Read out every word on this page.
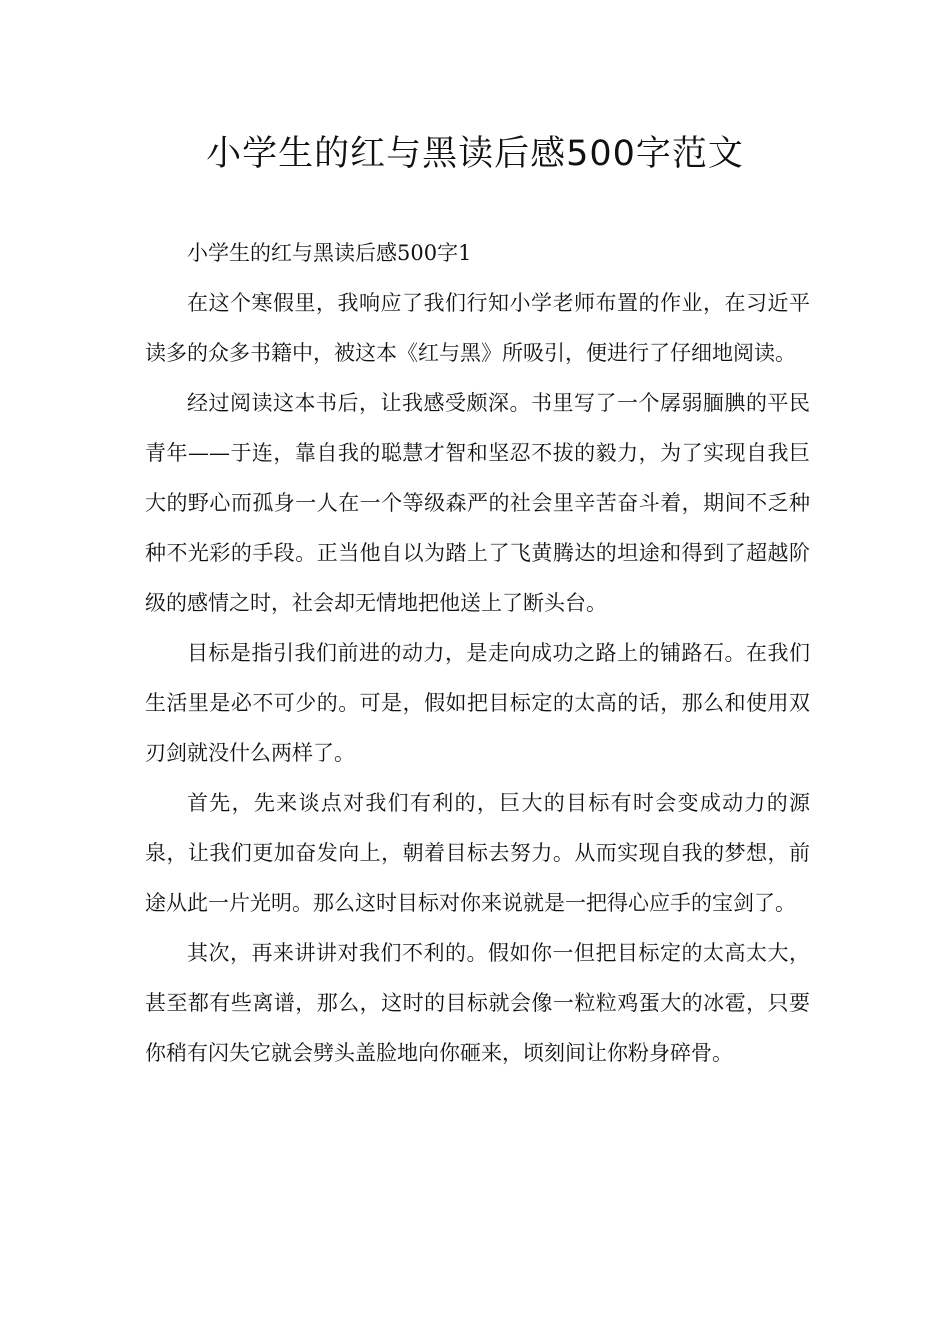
小学生的红与黑读后感500字范文

小学生的红与黑读后感500字1

在这个寒假里，我响应了我们行知小学老师布置的作业，在习近平读多的众多书籍中，被这本《红与黑》所吸引，便进行了仔细地阅读。

经过阅读这本书后，让我感受颇深。书里写了一个孱弱腼腆的平民青年——于连，靠自我的聪慧才智和坚忍不拔的毅力，为了实现自我巨大的野心而孤身一人在一个等级森严的社会里辛苦奋斗着，期间不乏种种不光彩的手段。正当他自以为踏上了飞黄腾达的坦途和得到了超越阶级的感情之时，社会却无情地把他送上了断头台。

目标是指引我们前进的动力，是走向成功之路上的铺路石。在我们生活里是必不可少的。可是，假如把目标定的太高的话，那么和使用双刃剑就没什么两样了。

首先，先来谈点对我们有利的，巨大的目标有时会变成动力的源泉，让我们更加奋发向上，朝着目标去努力。从而实现自我的梦想，前途从此一片光明。那么这时目标对你来说就是一把得心应手的宝剑了。

其次，再来讲讲对我们不利的。假如你一但把目标定的太高太大，甚至都有些离谱，那么，这时的目标就会像一粒粒鸡蛋大的冰雹，只要你稍有闪失它就会劈头盖脸地向你砸来，顷刻间让你粉身碎骨。
